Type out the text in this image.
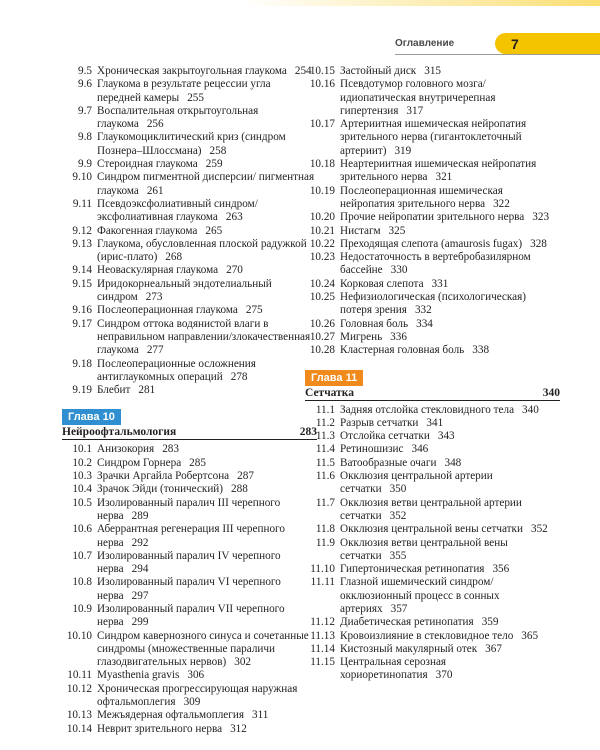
Оглавление	7
9.5 Хроническая закрытоугольная глаукома 254
9.6 Глаукома в результате рецессии угла передней камеры 255
9.7 Воспалительная открытоугольная глаукома 256
9.8 Глаукомоциклитический криз (синдром Познера–Шлоссмана) 258
9.9 Стероидная глаукома 259
9.10 Синдром пигментной дисперсии/ пигментная глаукома 261
9.11 Псевдоэксфолиативный синдром/ эксфолиативная глаукома 263
9.12 Факогенная глаукома 265
9.13 Глаукома, обусловленная плоской радужкой (ирис-плато) 268
9.14 Неоваскулярная глаукома 270
9.15 Иридокорнеальный эндотелиальный синдром 273
9.16 Послеоперационная глаукома 275
9.17 Синдром оттока водянистой влаги в неправильном направлении/злокачественная глаукома 277
9.18 Послеоперационные осложнения антиглаукомных операций 278
9.19 Блебит 281
Глава 10
Нейроофтальмология	283
10.1 Анизокория 283
10.2 Синдром Горнера 285
10.3 Зрачки Аргайла Робертсона 287
10.4 Зрачок Эйди (тонический) 288
10.5 Изолированный паралич III черепного нерва 289
10.6 Аберрантная регенерация III черепного нерва 292
10.7 Изолированный паралич IV черепного нерва 294
10.8 Изолированный паралич VI черепного нерва 297
10.9 Изолированный паралич VII черепного нерва 299
10.10 Синдром кавернозного синуса и сочетанные синдромы (множественные параличи глазодвигательных нервов) 302
10.11 Myasthenia gravis 306
10.12 Хроническая прогрессирующая наружная офтальмоплегия 309
10.13 Межъядерная офтальмоплегия 311
10.14 Неврит зрительного нерва 312
10.15 Застойный диск 315
10.16 Псевдотумор головного мозга/идиопатическая внутричерепная гипертензия 317
10.17 Артериитная ишемическая нейропатия зрительного нерва (гигантоклеточный артериит) 319
10.18 Неартериитная ишемическая нейропатия зрительного нерва 321
10.19 Послеоперационная ишемическая нейропатия зрительного нерва 322
10.20 Прочие нейропатии зрительного нерва 323
10.21 Нистагм 325
10.22 Преходящая слепота (amaurosis fugax) 328
10.23 Недостаточность в вертебробазилярном бассейне 330
10.24 Корковая слепота 331
10.25 Нефизиологическая (психологическая) потеря зрения 332
10.26 Головная боль 334
10.27 Мигрень 336
10.28 Кластерная головная боль 338
Глава 11
Сетчатка	340
11.1 Задняя отслойка стекловидного тела 340
11.2 Разрыв сетчатки 341
11.3 Отслойка сетчатки 343
11.4 Ретиношизис 346
11.5 Ватообразные очаги 348
11.6 Окклюзия центральной артерии сетчатки 350
11.7 Окклюзия ветви центральной артерии сетчатки 352
11.8 Окклюзия центральной вены сетчатки 352
11.9 Окклюзия ветви центральной вены сетчатки 355
11.10 Гипертоническая ретинопатия 356
11.11 Глазной ишемический синдром/ окклюзионный процесс в сонных артериях 357
11.12 Диабетическая ретинопатия 359
11.13 Кровоизлияние в стекловидное тело 365
11.14 Кистозный макулярный отек 367
11.15 Центральная серозная хориоретинопатия 370
